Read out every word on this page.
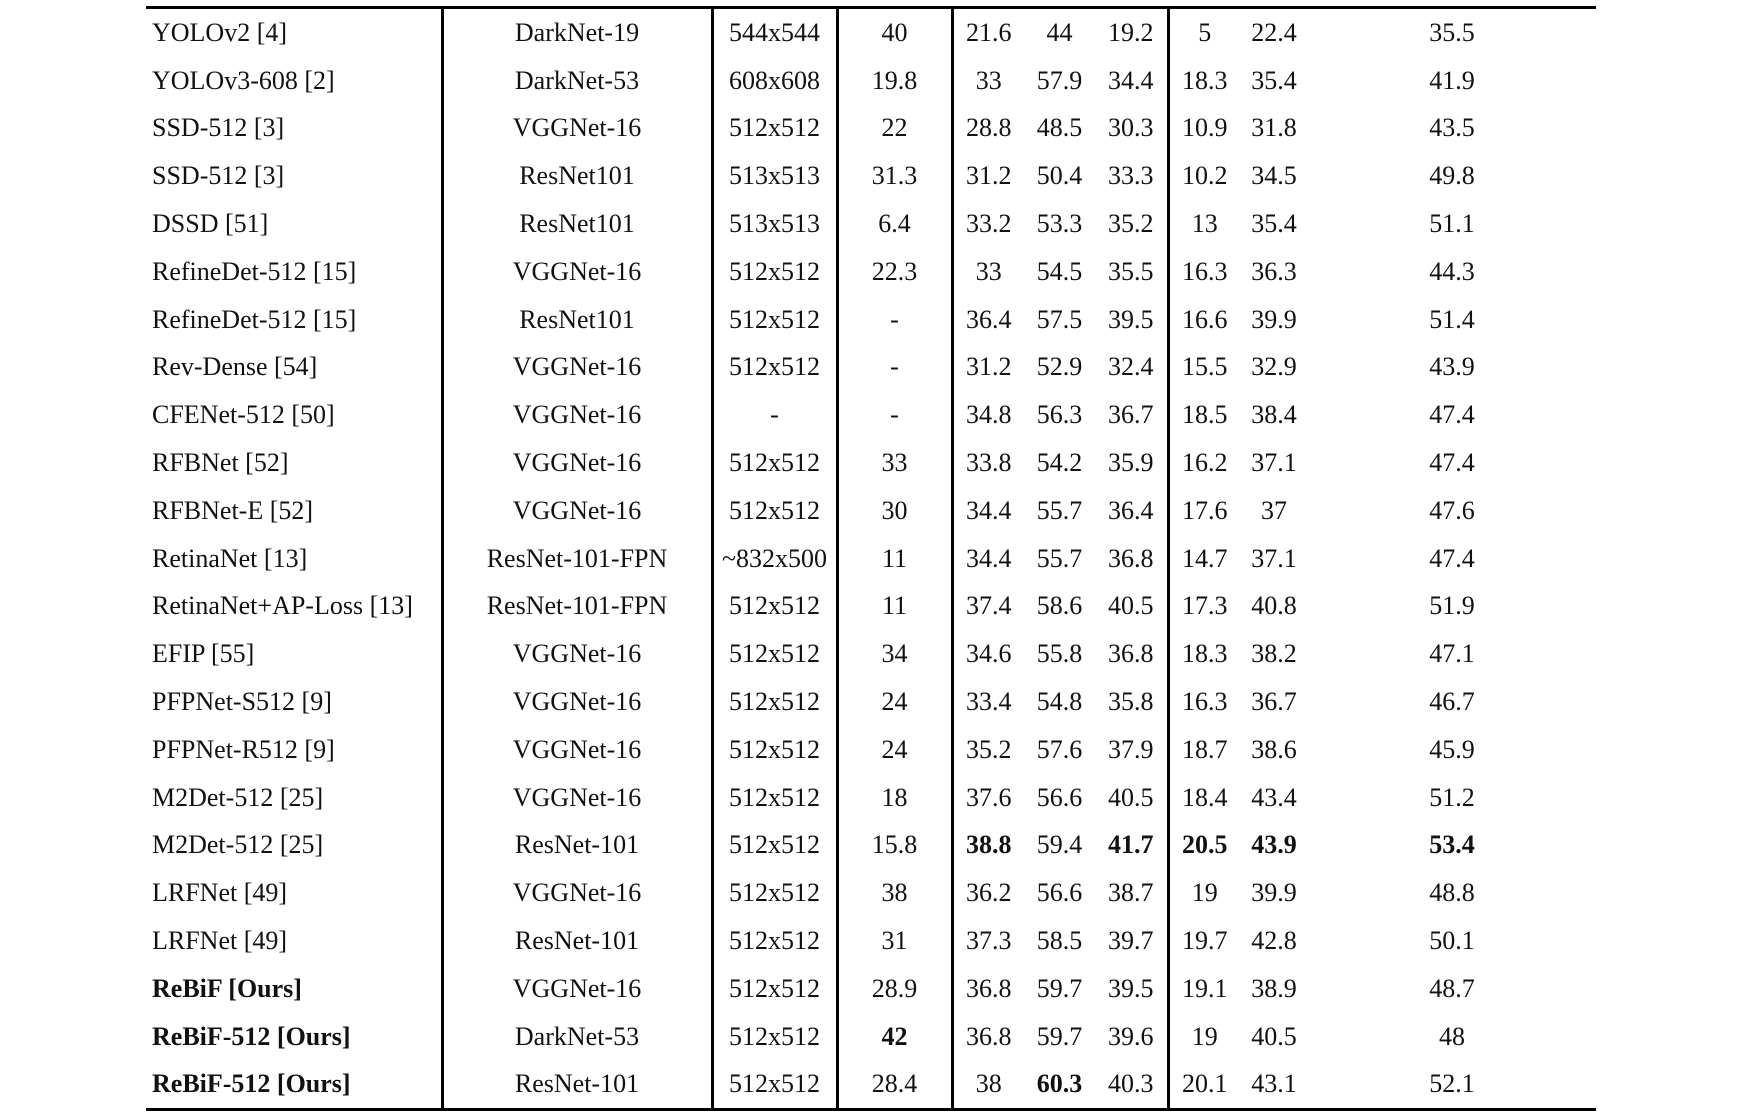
YOLOv2 [4]	DarkNet-19	544x544	40	21.6	44	19.2	5	22.4	35.5
YOLOv3-608 [2]	DarkNet-53	608x608	19.8	33	57.9	34.4	18.3	35.4	41.9
SSD-512 [3]	VGGNet-16	512x512	22	28.8	48.5	30.3	10.9	31.8	43.5
SSD-512 [3]	ResNet101	513x513	31.3	31.2	50.4	33.3	10.2	34.5	49.8
DSSD [51]	ResNet101	513x513	6.4	33.2	53.3	35.2	13	35.4	51.1
RefineDet-512 [15]	VGGNet-16	512x512	22.3	33	54.5	35.5	16.3	36.3	44.3
RefineDet-512 [15]	ResNet101	512x512	-	36.4	57.5	39.5	16.6	39.9	51.4
Rev-Dense [54]	VGGNet-16	512x512	-	31.2	52.9	32.4	15.5	32.9	43.9
CFENet-512 [50]	VGGNet-16	-	-	34.8	56.3	36.7	18.5	38.4	47.4
RFBNet [52]	VGGNet-16	512x512	33	33.8	54.2	35.9	16.2	37.1	47.4
RFBNet-E [52]	VGGNet-16	512x512	30	34.4	55.7	36.4	17.6	37	47.6
RetinaNet [13]	ResNet-101-FPN	~832x500	11	34.4	55.7	36.8	14.7	37.1	47.4
RetinaNet+AP-Loss [13]	ResNet-101-FPN	512x512	11	37.4	58.6	40.5	17.3	40.8	51.9
EFIP [55]	VGGNet-16	512x512	34	34.6	55.8	36.8	18.3	38.2	47.1
PFPNet-S512 [9]	VGGNet-16	512x512	24	33.4	54.8	35.8	16.3	36.7	46.7
PFPNet-R512 [9]	VGGNet-16	512x512	24	35.2	57.6	37.9	18.7	38.6	45.9
M2Det-512 [25]	VGGNet-16	512x512	18	37.6	56.6	40.5	18.4	43.4	51.2
M2Det-512 [25]	ResNet-101	512x512	15.8	38.8	59.4	41.7	20.5	43.9	53.4
LRFNet [49]	VGGNet-16	512x512	38	36.2	56.6	38.7	19	39.9	48.8
LRFNet [49]	ResNet-101	512x512	31	37.3	58.5	39.7	19.7	42.8	50.1
ReBiF [Ours]	VGGNet-16	512x512	28.9	36.8	59.7	39.5	19.1	38.9	48.7
ReBiF-512 [Ours]	DarkNet-53	512x512	42	36.8	59.7	39.6	19	40.5	48
ReBiF-512 [Ours]	ResNet-101	512x512	28.4	38	60.3	40.3	20.1	43.1	52.1
